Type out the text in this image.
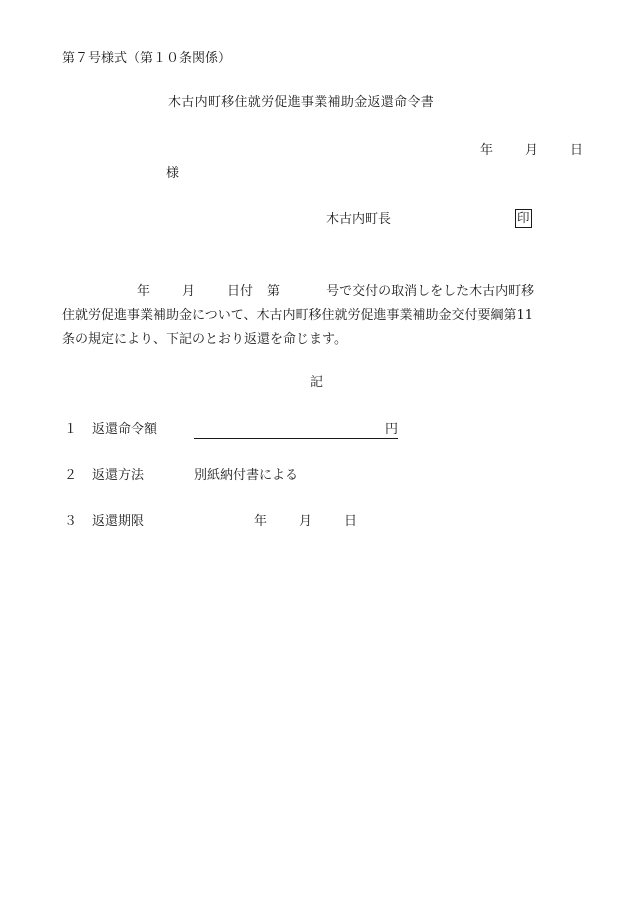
第７号様式（第１０条関係）
木古内町移住就労促進事業補助金返還命令書
年 月 日
様
木古内町長	印
年 月 日付 第	号で交付の取消しをした木古内町移
住就労促進事業補助金について、木古内町移住就労促進事業補助金交付要綱第11
条の規定により、下記のとおり返還を命じます。
記
１ 返還命令額	円
２ 返還方法	別紙納付書による
３ 返還期限	年 月 日
